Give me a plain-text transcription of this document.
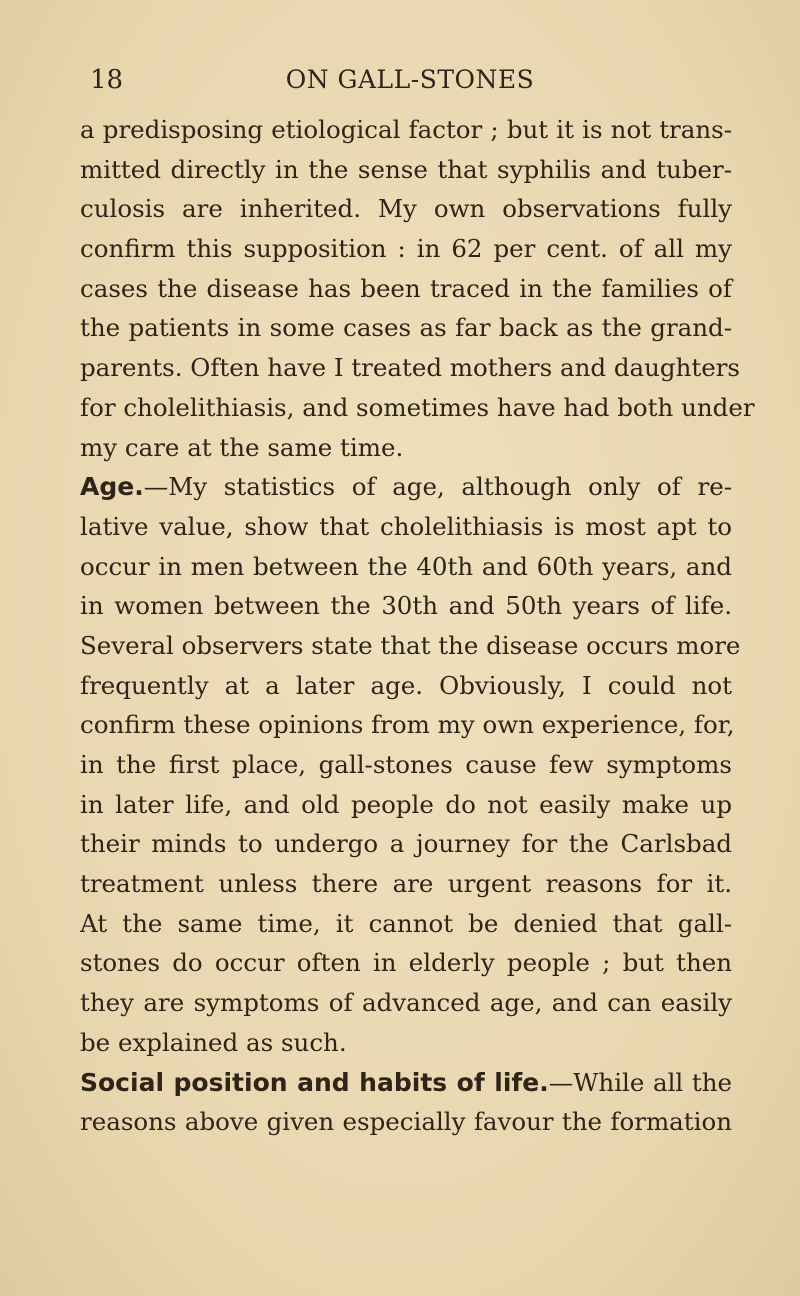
18	ON GALL-STONES
a predisposing etiological factor ; but it is not trans-
mitted directly in the sense that syphilis and tuber-
culosis are inherited. My own observations fully
confirm this supposition : in 62 per cent. of all my
cases the disease has been traced in the families of
the patients in some cases as far back as the grand-
parents. Often have I treated mothers and daughters
for cholelithiasis, and sometimes have had both under
my care at the same time.
Age.—My statistics of age, although only of re-
lative value, show that cholelithiasis is most apt to
occur in men between the 40th and 60th years, and
in women between the 30th and 50th years of life.
Several observers state that the disease occurs more
frequently at a later age. Obviously, I could not
confirm these opinions from my own experience, for,
in the first place, gall-stones cause few symptoms
in later life, and old people do not easily make up
their minds to undergo a journey for the Carlsbad
treatment unless there are urgent reasons for it.
At the same time, it cannot be denied that gall-
stones do occur often in elderly people ; but then
they are symptoms of advanced age, and can easily
be explained as such.
Social position and habits of life.—While all the
reasons above given especially favour the formation
